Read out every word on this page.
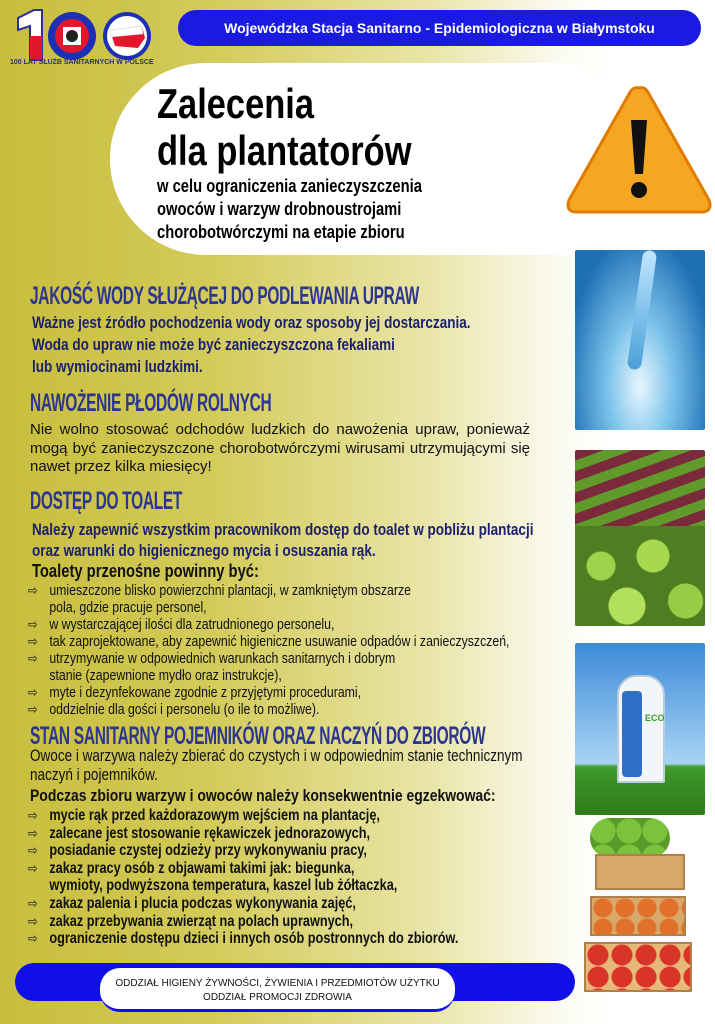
100 LAT SŁUŻB SANITARNYCH W POLSCE
Wojewódzka Stacja Sanitarno - Epidemiologiczna w Białymstoku
Zalecenia
dla plantatorów
w celu ograniczenia zanieczyszczenia
owoców i warzyw drobnoustrojami
chorobotwórczymi na etapie zbioru
JAKOŚĆ WODY SŁUŻĄCEJ DO PODLEWANIA UPRAW
Ważne jest źródło pochodzenia wody oraz sposoby jej dostarczania.
Woda do upraw nie może być zanieczyszczona fekaliami
lub wymiocinami ludzkimi.
NAWOŻENIE PŁODÓW ROLNYCH
Nie wolno stosować odchodów ludzkich do nawożenia upraw, ponieważ mogą być zanieczyszczone chorobotwórczymi wirusami utrzymującymi się nawet przez kilka miesięcy!
DOSTĘP DO TOALET
Należy zapewnić wszystkim pracownikom dostęp do toalet w pobliżu plantacji
oraz warunki do higienicznego mycia i osuszania rąk.
Toalety przenośne powinny być:
⇨ umieszczone blisko powierzchni plantacji, w zamkniętym obszarze pola, gdzie pracuje personel,
⇨ w wystarczającej ilości dla zatrudnionego personelu,
⇨ tak zaprojektowane, aby zapewnić higieniczne usuwanie odpadów i zanieczyszczeń,
⇨ utrzymywanie w odpowiednich warunkach sanitarnych i dobrym stanie (zapewnione mydło oraz instrukcje),
⇨ myte i dezynfekowane zgodnie z przyjętymi procedurami,
⇨ oddzielnie dla gości i personelu (o ile to możliwe).
STAN SANITARNY POJEMNIKÓW ORAZ NACZYŃ DO ZBIORÓW
Owoce i warzywa należy zbierać do czystych i w odpowiednim stanie technicznym
naczyń i pojemników.
Podczas zbioru warzyw i owoców należy konsekwentnie egzekwować:
⇨ mycie rąk przed każdorazowym wejściem na plantację,
⇨ zalecane jest stosowanie rękawiczek jednorazowych,
⇨ posiadanie czystej odzieży przy wykonywaniu pracy,
⇨ zakaz pracy osób z objawami takimi jak: biegunka, wymioty, podwyższona temperatura, kaszel lub żółtaczka,
⇨ zakaz palenia i plucia podczas wykonywania zajęć,
⇨ zakaz przebywania zwierząt na polach uprawnych,
⇨ ograniczenie dostępu dzieci i innych osób postronnych do zbiorów.
ECO
ODDZIAŁ HIGIENY ŻYWNOŚCI, ŻYWIENIA I PRZEDMIOTÓW UŻYTKU
ODDZIAŁ PROMOCJI ZDROWIA
